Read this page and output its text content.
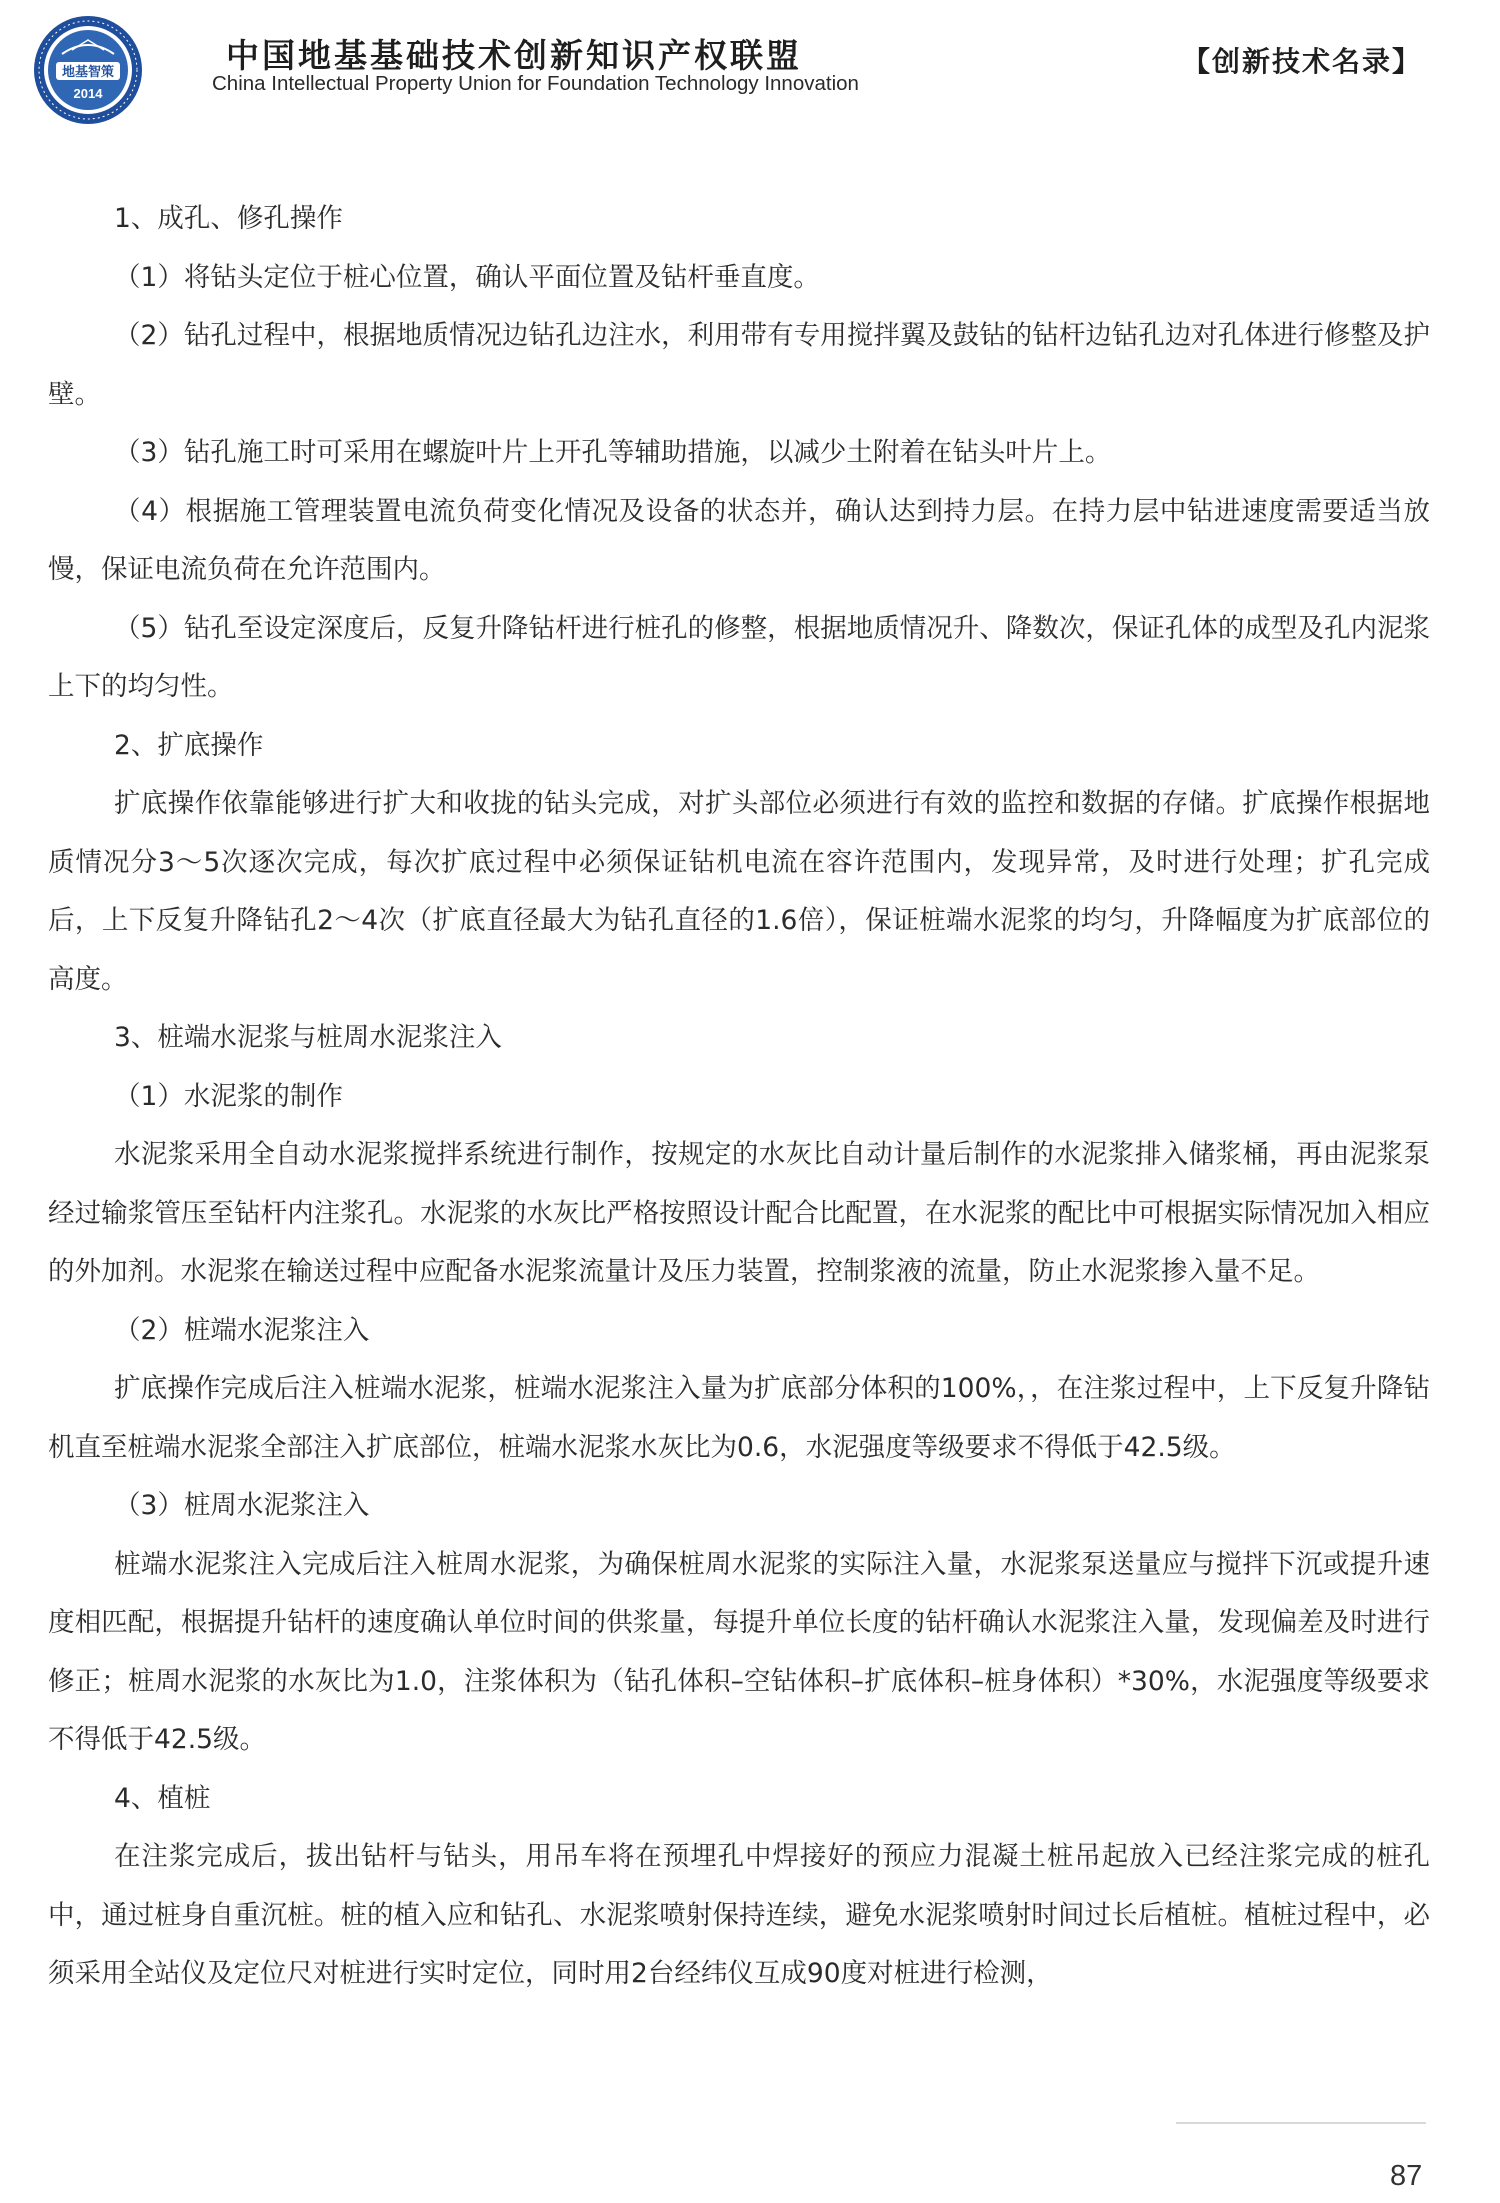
地基智策
2014
中国地基基础技术创新知识产权联盟
China Intellectual Property Union for Foundation Technology Innovation
【创新技术名录】

1、成孔、修孔操作

（1）将钻头定位于桩心位置，确认平面位置及钻杆垂直度。

（2）钻孔过程中，根据地质情况边钻孔边注水，利用带有专用搅拌翼及鼓钻的钻杆边钻孔边对孔体进行修整及护壁。

（3）钻孔施工时可采用在螺旋叶片上开孔等辅助措施，以减少土附着在钻头叶片上。

（4）根据施工管理装置电流负荷变化情况及设备的状态并，确认达到持力层。在持力层中钻进速度需要适当放慢，保证电流负荷在允许范围内。

（5）钻孔至设定深度后，反复升降钻杆进行桩孔的修整，根据地质情况升、降数次，保证孔体的成型及孔内泥浆上下的均匀性。

2、扩底操作

扩底操作依靠能够进行扩大和收拢的钻头完成，对扩头部位必须进行有效的监控和数据的存储。扩底操作根据地质情况分3～5次逐次完成，每次扩底过程中必须保证钻机电流在容许范围内，发现异常，及时进行处理；扩孔完成后，上下反复升降钻孔2～4次（扩底直径最大为钻孔直径的1.6倍），保证桩端水泥浆的均匀，升降幅度为扩底部位的高度。

3、桩端水泥浆与桩周水泥浆注入

（1）水泥浆的制作

水泥浆采用全自动水泥浆搅拌系统进行制作，按规定的水灰比自动计量后制作的水泥浆排入储浆桶，再由泥浆泵经过输浆管压至钻杆内注浆孔。水泥浆的水灰比严格按照设计配合比配置，在水泥浆的配比中可根据实际情况加入相应的外加剂。水泥浆在输送过程中应配备水泥浆流量计及压力装置，控制浆液的流量，防止水泥浆掺入量不足。

（2）桩端水泥浆注入

扩底操作完成后注入桩端水泥浆，桩端水泥浆注入量为扩底部分体积的100%，，在注浆过程中，上下反复升降钻机直至桩端水泥浆全部注入扩底部位，桩端水泥浆水灰比为0.6，水泥强度等级要求不得低于42.5级。

（3）桩周水泥浆注入

桩端水泥浆注入完成后注入桩周水泥浆，为确保桩周水泥浆的实际注入量，水泥浆泵送量应与搅拌下沉或提升速度相匹配，根据提升钻杆的速度确认单位时间的供浆量，每提升单位长度的钻杆确认水泥浆注入量，发现偏差及时进行修正；桩周水泥浆的水灰比为1.0，注浆体积为（钻孔体积–空钻体积–扩底体积–桩身体积）*30%，水泥强度等级要求不得低于42.5级。

4、植桩

在注浆完成后，拔出钻杆与钻头，用吊车将在预埋孔中焊接好的预应力混凝土桩吊起放入已经注浆完成的桩孔中，通过桩身自重沉桩。桩的植入应和钻孔、水泥浆喷射保持连续，避免水泥浆喷射时间过长后植桩。植桩过程中，必须采用全站仪及定位尺对桩进行实时定位，同时用2台经纬仪互成90度对桩进行检测，

87
